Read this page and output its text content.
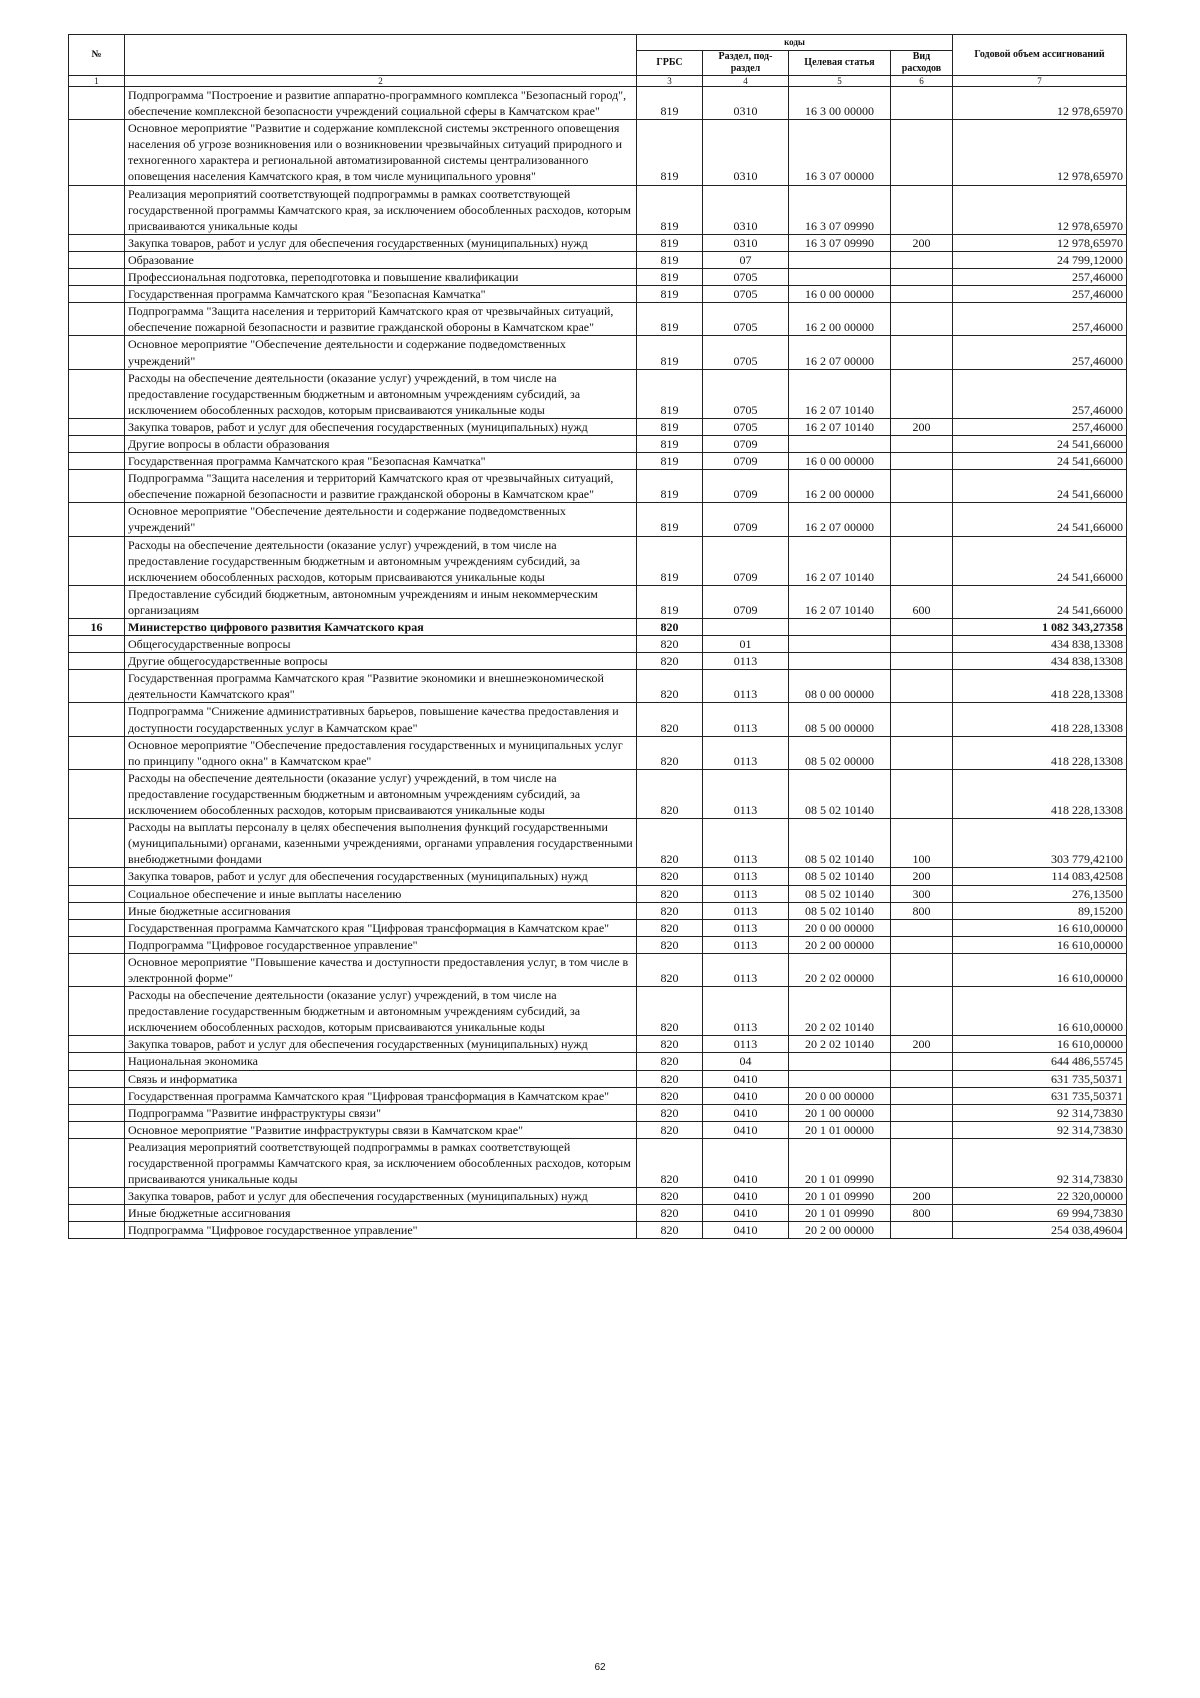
№		коды				Годовой объем ассигнований
		ГРБС	Раздел, под-раздел	Целевая статья	Вид расходов	
1	2	3	4	5	6	7
	Подпрограмма "Построение и развитие аппаратно-программного комплекса "Безопасный город", обеспечение комплексной безопасности учреждений социальной сферы в Камчатском крае"	819	0310	16 3 00 00000		12 978,65970
	Основное мероприятие "Развитие и содержание комплексной системы экстренного оповещения населения об угрозе возникновения или о возникновении чрезвычайных ситуаций природного и техногенного характера и региональной автоматизированной системы централизованного оповещения населения Камчатского края, в том числе муниципального уровня"	819	0310	16 3 07 00000		12 978,65970
	Реализация мероприятий соответствующей подпрограммы в рамках соответствующей государственной программы Камчатского края, за исключением обособленных расходов, которым присваиваются уникальные коды	819	0310	16 3 07 09990		12 978,65970
	Закупка товаров, работ и услуг для обеспечения государственных (муниципальных) нужд	819	0310	16 3 07 09990	200	12 978,65970
	Образование	819	07			24 799,12000
	Профессиональная подготовка, переподготовка и повышение квалификации	819	0705			257,46000
	Государственная программа Камчатского края "Безопасная Камчатка"	819	0705	16 0 00 00000		257,46000
	Подпрограмма "Защита населения и территорий Камчатского края от чрезвычайных ситуаций, обеспечение пожарной безопасности и развитие гражданской обороны в Камчатском крае"	819	0705	16 2 00 00000		257,46000
	Основное мероприятие "Обеспечение деятельности и содержание подведомственных учреждений"	819	0705	16 2 07 00000		257,46000
	Расходы на обеспечение деятельности (оказание услуг) учреждений, в том числе на предоставление государственным бюджетным и автономным учреждениям субсидий, за исключением обособленных расходов, которым присваиваются уникальные коды	819	0705	16 2 07 10140		257,46000
	Закупка товаров, работ и услуг для обеспечения государственных (муниципальных) нужд	819	0705	16 2 07 10140	200	257,46000
	Другие вопросы в области образования	819	0709			24 541,66000
	Государственная программа Камчатского края "Безопасная Камчатка"	819	0709	16 0 00 00000		24 541,66000
	Подпрограмма "Защита населения и территорий Камчатского края от чрезвычайных ситуаций, обеспечение пожарной безопасности и развитие гражданской обороны в Камчатском крае"	819	0709	16 2 00 00000		24 541,66000
	Основное мероприятие "Обеспечение деятельности и содержание подведомственных учреждений"	819	0709	16 2 07 00000		24 541,66000
	Расходы на обеспечение деятельности (оказание услуг) учреждений, в том числе на предоставление государственным бюджетным и автономным учреждениям субсидий, за исключением обособленных расходов, которым присваиваются уникальные коды	819	0709	16 2 07 10140		24 541,66000
	Предоставление субсидий бюджетным, автономным учреждениям и иным некоммерческим организациям	819	0709	16 2 07 10140	600	24 541,66000
16	Министерство цифрового развития Камчатского края	820				1 082 343,27358
	Общегосударственные вопросы	820	01			434 838,13308
	Другие общегосударственные вопросы	820	0113			434 838,13308
	Государственная программа Камчатского края "Развитие экономики и внешнеэкономической деятельности Камчатского края"	820	0113	08 0 00 00000		418 228,13308
	Подпрограмма "Снижение административных барьеров, повышение качества предоставления и доступности государственных услуг в Камчатском крае"	820	0113	08 5 00 00000		418 228,13308
	Основное мероприятие "Обеспечение предоставления государственных и муниципальных услуг по принципу "одного окна" в Камчатском крае"	820	0113	08 5 02 00000		418 228,13308
	Расходы на обеспечение деятельности (оказание услуг) учреждений, в том числе на предоставление государственным бюджетным и автономным учреждениям субсидий, за исключением обособленных расходов, которым присваиваются уникальные коды	820	0113	08 5 02 10140		418 228,13308
	Расходы на выплаты персоналу в целях обеспечения выполнения функций государственными (муниципальными) органами, казенными учреждениями, органами управления государственными внебюджетными фондами	820	0113	08 5 02 10140	100	303 779,42100
	Закупка товаров, работ и услуг для обеспечения государственных (муниципальных) нужд	820	0113	08 5 02 10140	200	114 083,42508
	Социальное обеспечение и иные выплаты населению	820	0113	08 5 02 10140	300	276,13500
	Иные бюджетные ассигнования	820	0113	08 5 02 10140	800	89,15200
	Государственная программа Камчатского края "Цифровая трансформация в Камчатском крае"	820	0113	20 0 00 00000		16 610,00000
	Подпрограмма "Цифровое государственное управление"	820	0113	20 2 00 00000		16 610,00000
	Основное мероприятие "Повышение качества и доступности предоставления услуг, в том числе в электронной форме"	820	0113	20 2 02 00000		16 610,00000
	Расходы на обеспечение деятельности (оказание услуг) учреждений, в том числе на предоставление государственным бюджетным и автономным учреждениям субсидий, за исключением обособленных расходов, которым присваиваются уникальные коды	820	0113	20 2 02 10140		16 610,00000
	Закупка товаров, работ и услуг для обеспечения государственных (муниципальных) нужд	820	0113	20 2 02 10140	200	16 610,00000
	Национальная экономика	820	04			644 486,55745
	Связь и информатика	820	0410			631 735,50371
	Государственная программа Камчатского края "Цифровая трансформация в Камчатском крае"	820	0410	20 0 00 00000		631 735,50371
	Подпрограмма "Развитие инфраструктуры связи"	820	0410	20 1 00 00000		92 314,73830
	Основное мероприятие "Развитие инфраструктуры связи в Камчатском крае"	820	0410	20 1 01 00000		92 314,73830
	Реализация мероприятий соответствующей подпрограммы в рамках соответствующей государственной программы Камчатского края, за исключением обособленных расходов, которым присваиваются уникальные коды	820	0410	20 1 01 09990		92 314,73830
	Закупка товаров, работ и услуг для обеспечения государственных (муниципальных) нужд	820	0410	20 1 01 09990	200	22 320,00000
	Иные бюджетные ассигнования	820	0410	20 1 01 09990	800	69 994,73830
	Подпрограмма "Цифровое государственное управление"	820	0410	20 2 00 00000		254 038,49604
62
